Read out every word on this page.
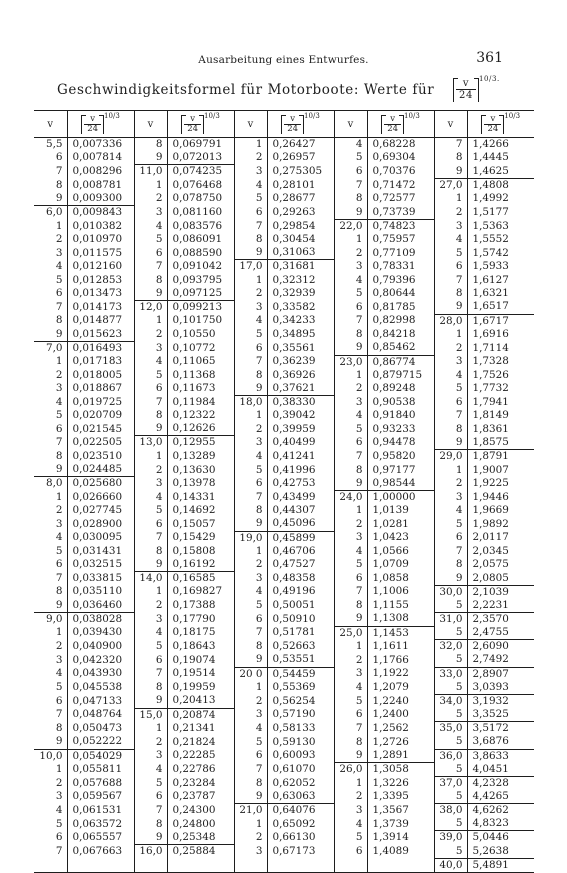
Ausarbeitung eines Entwurfes.	361
Geschwindigkeitsformel für Motorboote: Werte für $\frac{v}{24} ^{10/3.}$
v	$\frac{v}{24} ^{10/3}$	v	$\frac{v}{24} ^{10/3}$	v	$\frac{v}{24} ^{10/3}$	v	$\frac{v}{24} ^{10/3}$	v	$\frac{v}{24} ^{10/3}$
5,5	0,007336	8	0,069791	1	0,26427	4	0,68228	7	1,4266
6	0,007814	9	0,072013	2	0,26957	5	0,69304	8	1,4445
7	0,008296	11,0	0,074235	3	0,275305	6	0,70376	9	1,4625
8	0,008781	1	0,076468	4	0,28101	7	0,71472	27,0	1,4808
9	0,009300	2	0,078750	5	0,28677	8	0,72577	1	1,4992
6,0	0,009843	3	0,081160	6	0,29263	9	0,73739	2	1,5177
1	0,010382	4	0,083576	7	0,29854	22,0	0,74823	3	1,5363
2	0,010970	5	0,086091	8	0,30454	1	0,75957	4	1,5552
3	0,011575	6	0,088590	9	0,31063	2	0,77109	5	1,5742
4	0,012160	7	0,091042	17,0	0,31681	3	0,78331	6	1,5933
5	0,012853	8	0,093795	1	0,32312	4	0,79396	7	1,6127
6	0,013473	9	0,097125	2	0,32939	5	0,80644	8	1,6321
7	0,014173	12,0	0,099213	3	0,33582	6	0,81785	9	1,6517
8	0,014877	1	0,101750	4	0,34233	7	0,82998	28,0	1,6717
9	0,015623	2	0,10550	5	0,34895	8	0,84218	1	1,6916
7,0	0,016493	3	0,10772	6	0,35561	9	0,85462	2	1,7114
1	0,017183	4	0,11065	7	0,36239	23,0	0,86774	3	1,7328
2	0,018005	5	0,11368	8	0,36926	1	0,879715	4	1,7526
3	0,018867	6	0,11673	9	0,37621	2	0,89248	5	1,7732
4	0,019725	7	0,11984	18,0	0,38330	3	0,90538	6	1,7941
5	0,020709	8	0,12322	1	0,39042	4	0,91840	7	1,8149
6	0,021545	9	0,12626	2	0,39959	5	0,93233	8	1,8361
7	0,022505	13,0	0,12955	3	0,40499	6	0,94478	9	1,8575
8	0,023510	1	0,13289	4	0,41241	7	0,95820	29,0	1,8791
9	0,024485	2	0,13630	5	0,41996	8	0,97177	1	1,9007
8,0	0,025680	3	0,13978	6	0,42753	9	0,98544	2	1,9225
1	0,026660	4	0,14331	7	0,43499	24,0	1,00000	3	1,9446
2	0,027745	5	0,14692	8	0,44307	1	1,0139	4	1,9669
3	0,028900	6	0,15057	9	0,45096	2	1,0281	5	1,9892
4	0,030095	7	0,15429	19,0	0,45899	3	1,0423	6	2,0117
5	0,031431	8	0,15808	1	0,46706	4	1,0566	7	2,0345
6	0,032515	9	0,16192	2	0,47527	5	1,0709	8	2,0575
7	0,033815	14,0	0,16585	3	0,48358	6	1,0858	9	2,0805
8	0,035110	1	0,169827	4	0,49196	7	1,1006	30,0	2,1039
9	0,036460	2	0,17388	5	0,50051	8	1,1155	5	2,2231
9,0	0,038028	3	0,17790	6	0,50910	9	1,1308	31,0	2,3570
1	0,039430	4	0,18175	7	0,51781	25,0	1,1453	5	2,4755
2	0,040900	5	0,18643	8	0,52663	1	1,1611	32,0	2,6090
3	0,042320	6	0,19074	9	0,53551	2	1,1766	5	2,7492
4	0,043930	7	0,19514	20 0	0,54459	3	1,1922	33,0	2,8907
5	0,045538	8	0,19959	1	0,55369	4	1,2079	5	3,0393
6	0,047133	9	0,20413	2	0,56254	5	1,2240	34,0	3,1932
7	0,048764	15,0	0,20874	3	0,57190	6	1,2400	5	3,3525
8	0,050473	1	0,21341	4	0,58133	7	1,2562	35,0	3,5172
9	0,052222	2	0,21824	5	0,59130	8	1,2726	5	3,6876
10,0	0,054029	3	0,22285	6	0,60093	9	1,2891	36,0	3,8633
1	0,055811	4	0,22786	7	0,61070	26,0	1,3058	5	4,0451
2	0,057688	5	0,23284	8	0,62052	1	1,3226	37,0	4,2328
3	0,059567	6	0,23787	9	0,63063	2	1,3395	5	4,4265
4	0,061531	7	0,24300	21,0	0,64076	3	1,3567	38,0	4,6262
5	0,063572	8	0,24800	1	0,65092	4	1,3739	5	4,8323
6	0,065557	9	0,25348	2	0,66130	5	1,3914	39,0	5,0446
7	0,067663	16,0	0,25884	3	0,67173	6	1,4089	5	5,2638
								40,0	5,4891
